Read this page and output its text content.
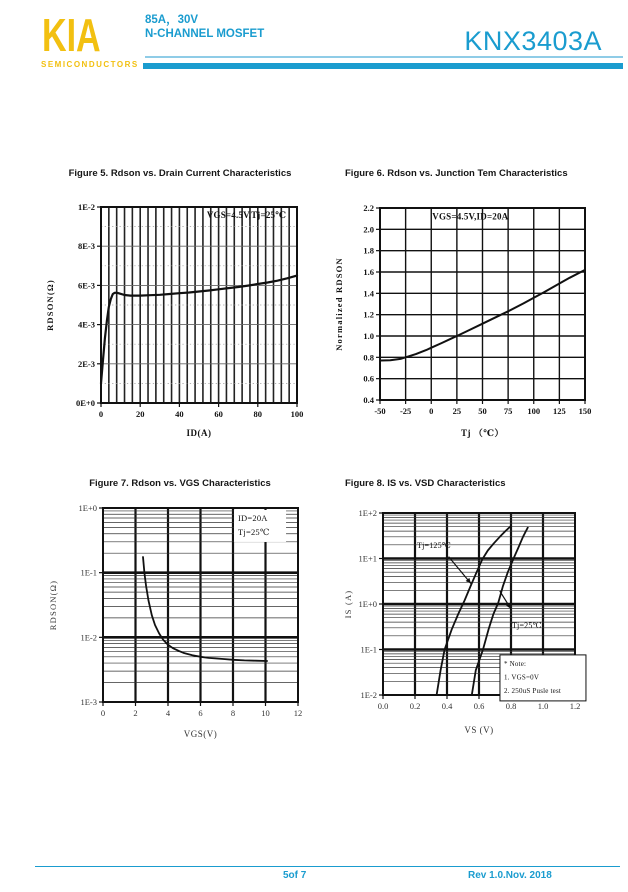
KIA
SEMICONDUCTORS
85A，30V
N-CHANNEL MOSFET	KNX3403A
Figure 5. Rdson vs. Drain Current Characteristics
0	20	40	60	80	100
0E+0
2E-3
4E-3
6E-3
8E-3
1E-2
ID(A)
RDSON(Ω)
VGS=4.5V,Tj=25℃
Figure 6. Rdson vs. Junction Tem Characteristics
-50 -25 0 25 50 75 100 125 150
0.4
0.6
0.8
1.0
1.2
1.4
1.6
1.8
2.0
2.2
Tj （℃）
Normalized RDSON
VGS=4.5V,ID=20A
Figure 7. Rdson vs. VGS Characteristics
0	2	4	6	8	10	12
1E-3
1E-2
1E-1
1E+0
VGS(V)
RDSON(Ω)
ID=20A
Tj=25℃
Figure 8. IS vs. VSD Characteristics
0.0	0.2	0.4	0.6	0.8	1.0	1.2
1E-2
1E-1
1E+0
1E+1
1E+2
VS (V)
IS (A)
Tj=125℃
Tj=25℃
* Note:
1. VGS=0V
2. 250uS Pusle test
5of 7	Rev 1.0.Nov. 2018
